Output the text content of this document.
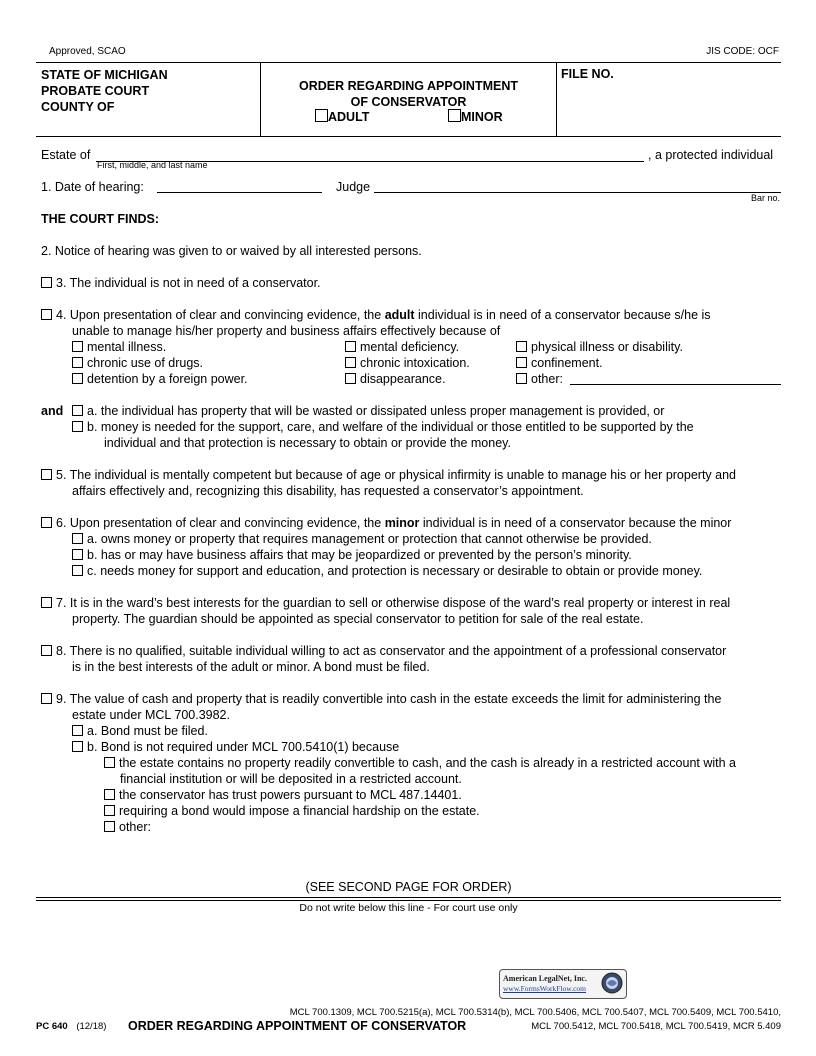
Approved, SCAO	JIS CODE: OCF
STATE OF MICHIGAN
PROBATE COURT
COUNTY OF
ORDER REGARDING APPOINTMENT
OF CONSERVATOR
ADULT	MINOR
FILE NO.
Estate of
First, middle, and last name
, a protected individual
1. Date of hearing:	Judge
Bar no.
THE COURT FINDS:
2. Notice of hearing was given to or waived by all interested persons.
3. The individual is not in need of a conservator.
4. Upon presentation of clear and convincing evidence, the adult individual is in need of a conservator because s/he is
unable to manage his/her property and business affairs effectively because of
mental illness.	mental deficiency.	physical illness or disability.
chronic use of drugs.	chronic intoxication.	confinement.
detention by a foreign power.	disappearance.	other:
and	a. the individual has property that will be wasted or dissipated unless proper management is provided, or
b. money is needed for the support, care, and welfare of the individual or those entitled to be supported by the
individual and that protection is necessary to obtain or provide the money.
5. The individual is mentally competent but because of age or physical infirmity is unable to manage his or her property and
affairs effectively and, recognizing this disability, has requested a conservator’s appointment.
6. Upon presentation of clear and convincing evidence, the minor individual is in need of a conservator because the minor
a. owns money or property that requires management or protection that cannot otherwise be provided.
b. has or may have business affairs that may be jeopardized or prevented by the person’s minority.
c. needs money for support and education, and protection is necessary or desirable to obtain or provide money.
7. It is in the ward’s best interests for the guardian to sell or otherwise dispose of the ward’s real property or interest in real
property. The guardian should be appointed as special conservator to petition for sale of the real estate.
8. There is no qualified, suitable individual willing to act as conservator and the appointment of a professional conservator
is in the best interests of the adult or minor. A bond must be filed.
9. The value of cash and property that is readily convertible into cash in the estate exceeds the limit for administering the
estate under MCL 700.3982.
a. Bond must be filed.
b. Bond is not required under MCL 700.5410(1) because
the estate contains no property readily convertible to cash, and the cash is already in a restricted account with a
financial institution or will be deposited in a restricted account.
the conservator has trust powers pursuant to MCL 487.14401.
requiring a bond would impose a financial hardship on the estate.
other:
(SEE SECOND PAGE FOR ORDER)
Do not write below this line - For court use only
American LegalNet, Inc.
www.FormsWorkFlow.com
MCL 700.1309, MCL 700.5215(a), MCL 700.5314(b), MCL 700.5406, MCL 700.5407, MCL 700.5409, MCL 700.5410,
MCL 700.5412, MCL 700.5418, MCL 700.5419, MCR 5.409
PC 640 (12/18) ORDER REGARDING APPOINTMENT OF CONSERVATOR
